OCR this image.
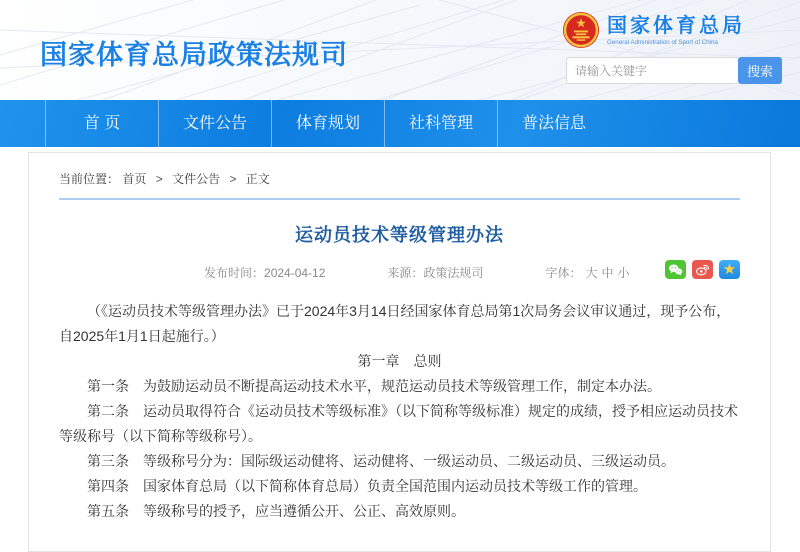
国家体育总局政策法规司
国家体育总局
General Administration of Sport of China
请输入关键字
搜索
首 页	文件公告	体育规划	社科管理	普法信息
当前位置： 首页 > 文件公告 > 正文
运动员技术等级管理办法
发布时间：2024-04-12	来源：政策法规司	字体： 大 中 小	★

（《运动员技术等级管理办法》已于2024年3月14日经国家体育总局第1次局务会议审议通过，现予公布，自2025年1月1日起施行。）

第一章　总则

第一条　为鼓励运动员不断提高运动技术水平，规范运动员技术等级管理工作，制定本办法。

第二条　运动员取得符合《运动员技术等级标准》（以下简称等级标准）规定的成绩，授予相应运动员技术等级称号（以下简称等级称号）。

第三条　等级称号分为：国际级运动健将、运动健将、一级运动员、二级运动员、三级运动员。

第四条　国家体育总局（以下简称体育总局）负责全国范围内运动员技术等级工作的管理。

第五条　等级称号的授予，应当遵循公开、公正、高效原则。
